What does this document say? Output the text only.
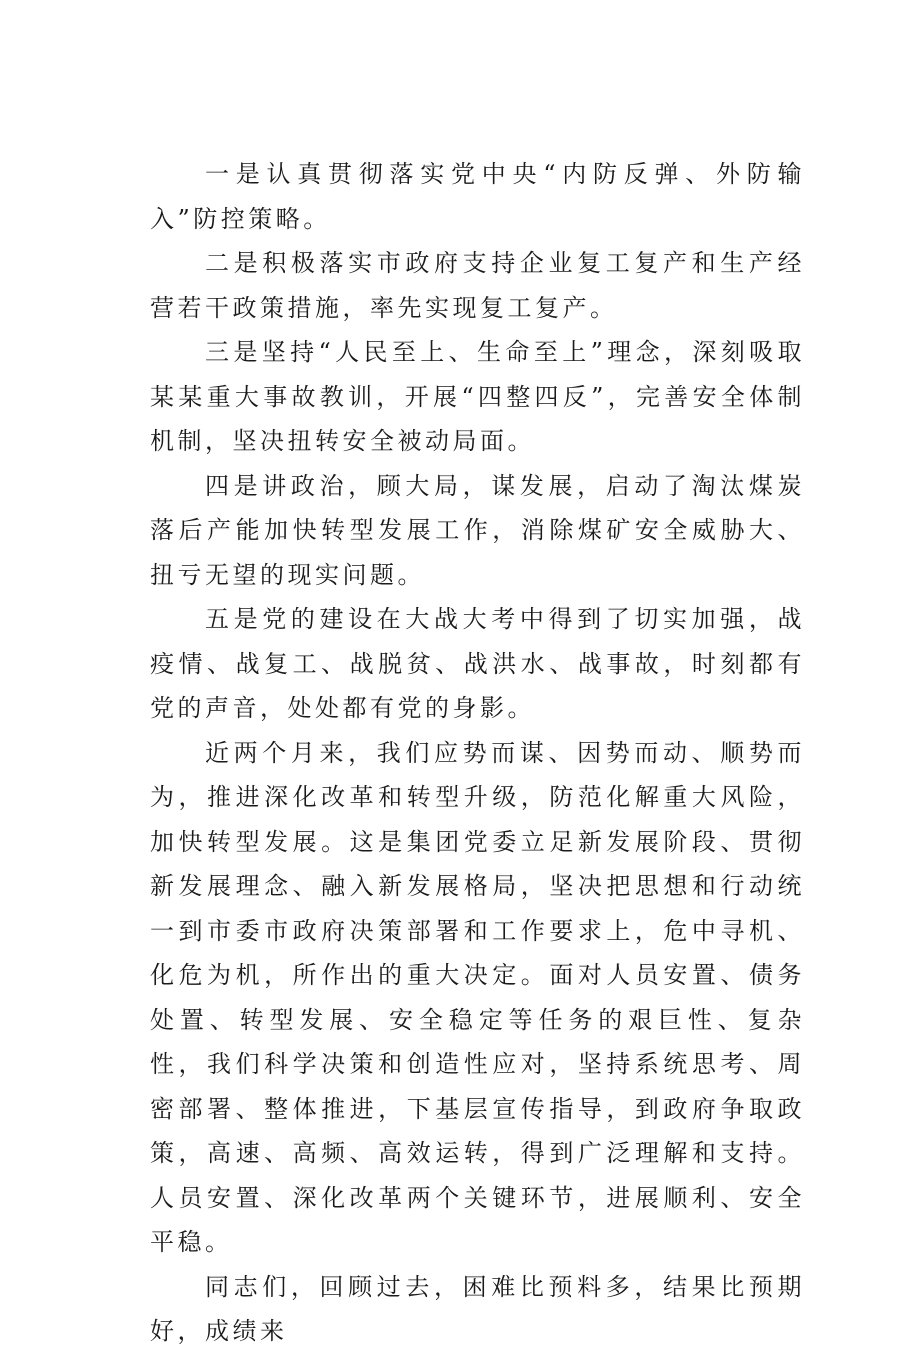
一是认真贯彻落实党中央“内防反弹、外防输入”防控策略。

二是积极落实市政府支持企业复工复产和生产经营若干政策措施，率先实现复工复产。

三是坚持“人民至上、生命至上”理念，深刻吸取某某重大事故教训，开展“四整四反”，完善安全体制机制，坚决扭转安全被动局面。

四是讲政治，顾大局，谋发展，启动了淘汰煤炭落后产能加快转型发展工作，消除煤矿安全威胁大、扭亏无望的现实问题。

五是党的建设在大战大考中得到了切实加强，战疫情、战复工、战脱贫、战洪水、战事故，时刻都有党的声音，处处都有党的身影。

近两个月来，我们应势而谋、因势而动、顺势而为，推进深化改革和转型升级，防范化解重大风险，加快转型发展。这是集团党委立足新发展阶段、贯彻新发展理念、融入新发展格局，坚决把思想和行动统一到市委市政府决策部署和工作要求上，危中寻机、化危为机，所作出的重大决定。面对人员安置、债务处置、转型发展、安全稳定等任务的艰巨性、复杂性，我们科学决策和创造性应对，坚持系统思考、周密部署、整体推进，下基层宣传指导，到政府争取政策，高速、高频、高效运转，得到广泛理解和支持。人员安置、深化改革两个关键环节，进展顺利、安全平稳。

同志们，回顾过去，困难比预料多，结果比预期好，成绩来
